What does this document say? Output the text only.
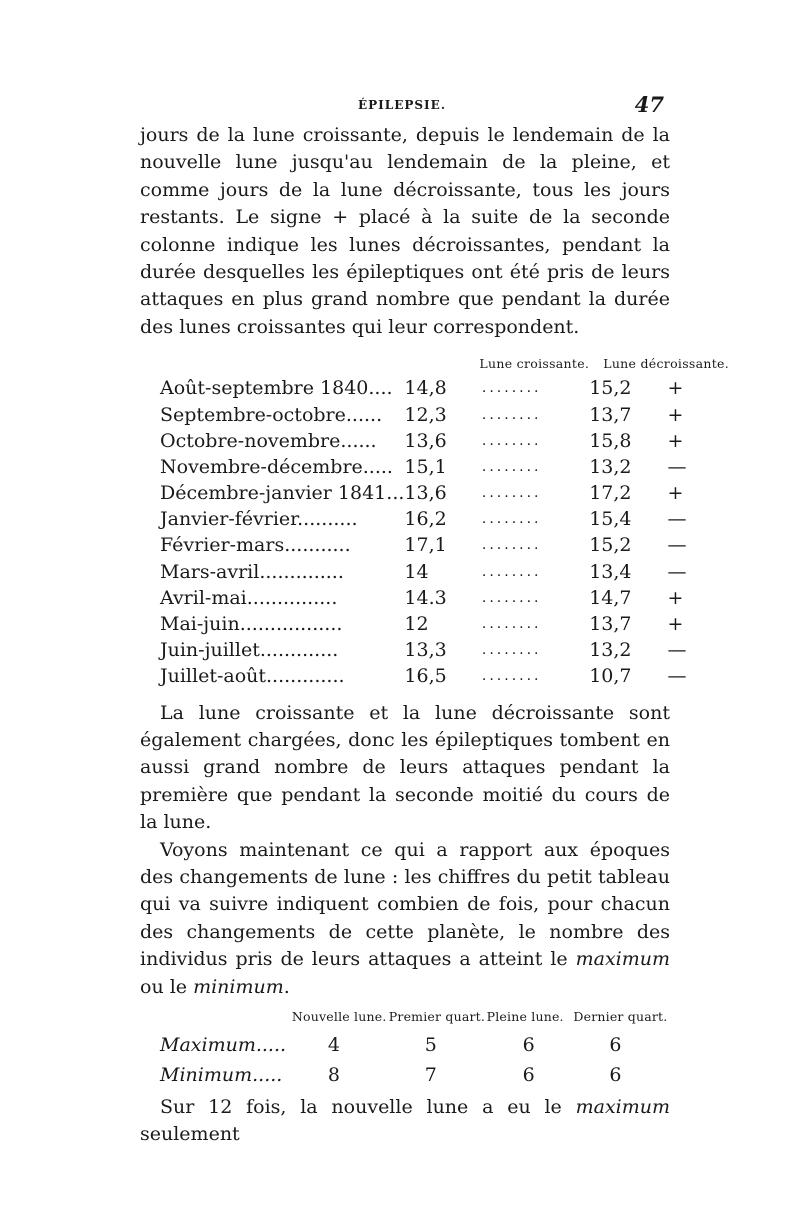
ÉPILEPSIE.	47

jours de la lune croissante, depuis le lendemain de la nouvelle lune jusqu'au lendemain de la pleine, et comme jours de la lune décroissante, tous les jours restants. Le signe + placé à la suite de la seconde colonne indique les lunes décroissantes, pendant la durée desquelles les épileptiques ont été pris de leurs attaques en plus grand nombre que pendant la durée des lunes croissantes qui leur correspondent.

	Lune croissante.		Lune décroissante.	
Août-septembre 1840....	14,8	........	15,2	+
Septembre-octobre......	12,3	........	13,7	+
Octobre-novembre......	13,6	........	15,8	+
Novembre-décembre.....	15,1	........	13,2	—
Décembre-janvier 1841...	13,6	........	17,2	+
Janvier-février..........	16,2	........	15,4	—
Février-mars...........	17,1	........	15,2	—
Mars-avril..............	14	........	13,4	—
Avril-mai...............	14.3	........	14,7	+
Mai-juin.................	12	........	13,7	+
Juin-juillet.............	13,3	........	13,2	—
Juillet-août.............	16,5	........	10,7	—

La lune croissante et la lune décroissante sont également chargées, donc les épileptiques tombent en aussi grand nombre de leurs attaques pendant la première que pendant la seconde moitié du cours de la lune.

Voyons maintenant ce qui a rapport aux époques des changements de lune : les chiffres du petit tableau qui va suivre indiquent combien de fois, pour chacun des changements de cette planète, le nombre des individus pris de leurs attaques a atteint le maximum ou le minimum.

	Nouvelle lune.	Premier quart.	Pleine lune.	Dernier quart.
Maximum.....	4	5	6	6
Minimum.....	8	7	6	6

Sur 12 fois, la nouvelle lune a eu le maximum seulement
